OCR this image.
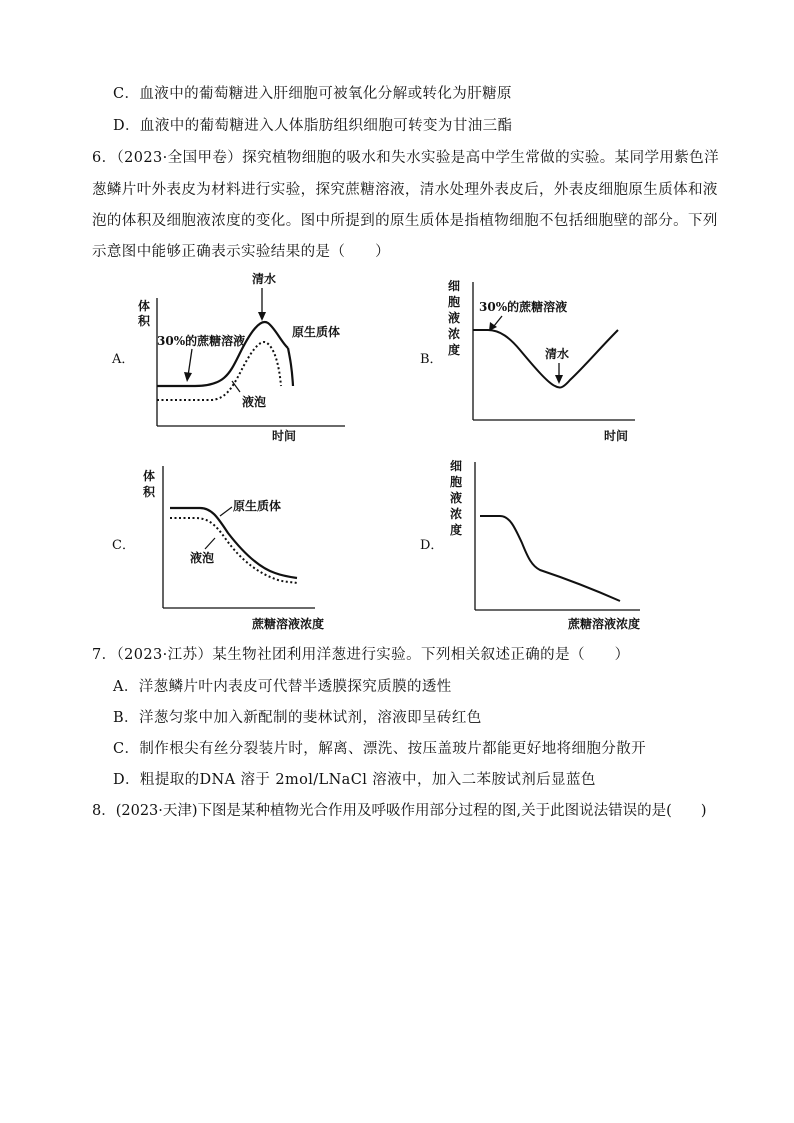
C．血液中的葡萄糖进入肝细胞可被氧化分解或转化为肝糖原
D．血液中的葡萄糖进入人体脂肪组织细胞可转变为甘油三酯
6．（2023·全国甲卷）探究植物细胞的吸水和失水实验是高中学生常做的实验。某同学用紫色洋
葱鳞片叶外表皮为材料进行实验，探究蔗糖溶液，清水处理外表皮后，外表皮细胞原生质体和液
泡的体积及细胞液浓度的变化。图中所提到的原生质体是指植物细胞不包括细胞壁的部分。下列
示意图中能够正确表示实验结果的是（　　）
A．
体
积
时间
清水
30%的蔗糖溶液
原生质体
液泡
B．
细
胞
液
浓
度
时间
30%的蔗糖溶液
清水
C．
体
积
蔗糖溶液浓度
原生质体
液泡
D．
细
胞
液
浓
度
蔗糖溶液浓度
7．（2023·江苏）某生物社团利用洋葱进行实验。下列相关叙述正确的是（　　）
A．洋葱鳞片叶内表皮可代替半透膜探究质膜的透性
B．洋葱匀浆中加入新配制的斐林试剂，溶液即呈砖红色
C．制作根尖有丝分裂装片时，解离、漂洗、按压盖玻片都能更好地将细胞分散开
D．粗提取的DNA 溶于 2mol/LNaCl 溶液中，加入二苯胺试剂后显蓝色
8．(2023·天津)下图是某种植物光合作用及呼吸作用部分过程的图,关于此图说法错误的是(　　)
